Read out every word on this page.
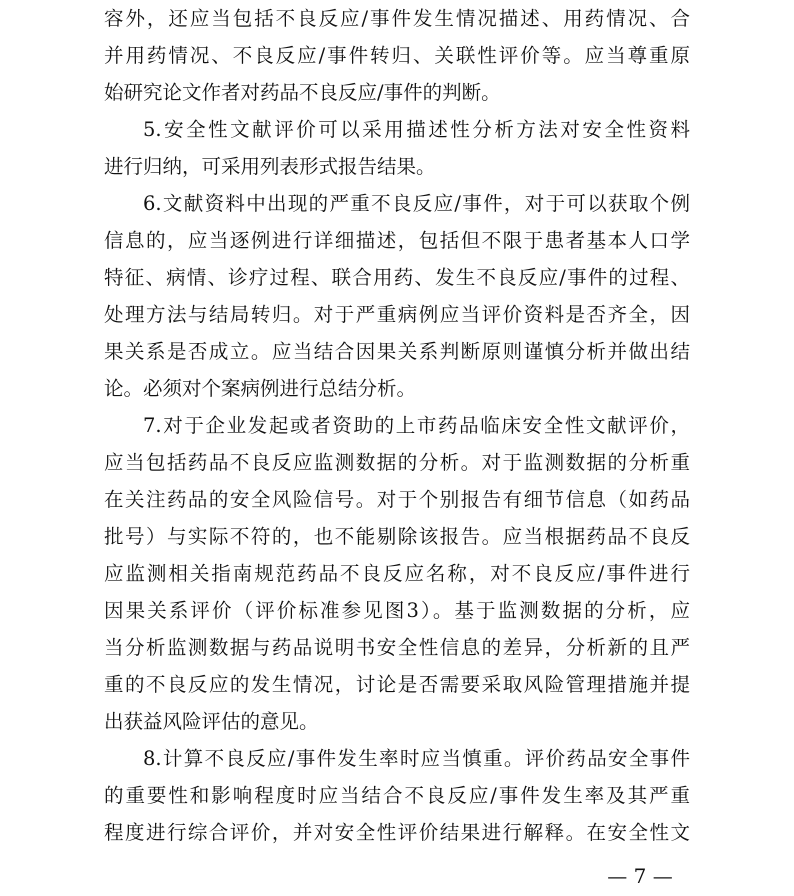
容外，还应当包括不良反应/事件发生情况描述、用药情况、合
并用药情况、不良反应/事件转归、关联性评价等。应当尊重原
始研究论文作者对药品不良反应/事件的判断。
5.安全性文献评价可以采用描述性分析方法对安全性资料
进行归纳，可采用列表形式报告结果。
6.文献资料中出现的严重不良反应/事件，对于可以获取个例
信息的，应当逐例进行详细描述，包括但不限于患者基本人口学
特征、病情、诊疗过程、联合用药、发生不良反应/事件的过程、
处理方法与结局转归。对于严重病例应当评价资料是否齐全，因
果关系是否成立。应当结合因果关系判断原则谨慎分析并做出结
论。必须对个案病例进行总结分析。
7.对于企业发起或者资助的上市药品临床安全性文献评价，
应当包括药品不良反应监测数据的分析。对于监测数据的分析重
在关注药品的安全风险信号。对于个别报告有细节信息（如药品
批号）与实际不符的，也不能剔除该报告。应当根据药品不良反
应监测相关指南规范药品不良反应名称，对不良反应/事件进行
因果关系评价（评价标准参见图3）。基于监测数据的分析，应
当分析监测数据与药品说明书安全性信息的差异，分析新的且严
重的不良反应的发生情况，讨论是否需要采取风险管理措施并提
出获益风险评估的意见。
8.计算不良反应/事件发生率时应当慎重。评价药品安全事件
的重要性和影响程度时应当结合不良反应/事件发生率及其严重
程度进行综合评价，并对安全性评价结果进行解释。在安全性文
— 7 —
